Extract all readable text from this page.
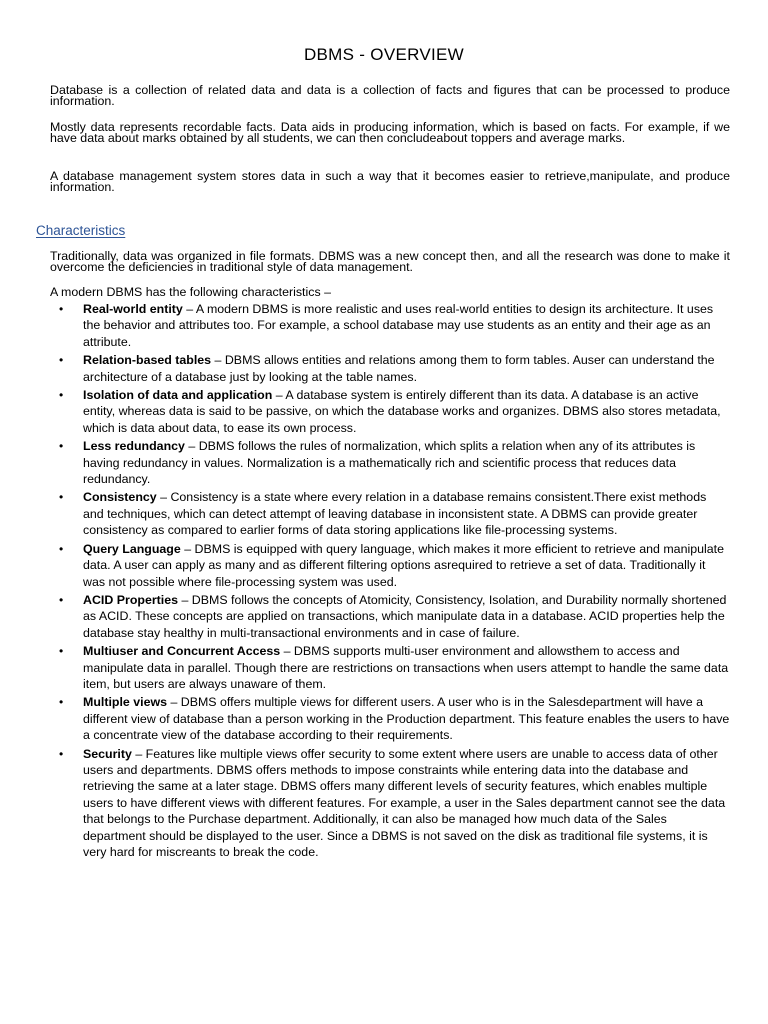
DBMS - OVERVIEW
Database is a collection of related data and data is a collection of facts and figures that can be processed to produce information.
Mostly data represents recordable facts. Data aids in producing information, which is based on facts. For example, if we have data about marks obtained by all students, we can then concludeabout toppers and average marks.
A database management system stores data in such a way that it becomes easier to retrieve,manipulate, and produce information.
Characteristics
Traditionally, data was organized in file formats. DBMS was a new concept then, and all the research was done to make it overcome the deficiencies in traditional style of data management.
A modern DBMS has the following characteristics –
• Real-world entity – A modern DBMS is more realistic and uses real-world entities to design its architecture. It uses the behavior and attributes too. For example, a school database may use students as an entity and their age as an attribute.
• Relation-based tables – DBMS allows entities and relations among them to form tables. Auser can understand the architecture of a database just by looking at the table names.
• Isolation of data and application – A database system is entirely different than its data. A database is an active entity, whereas data is said to be passive, on which the database works and organizes. DBMS also stores metadata, which is data about data, to ease its own process.
• Less redundancy – DBMS follows the rules of normalization, which splits a relation when any of its attributes is having redundancy in values. Normalization is a mathematically rich and scientific process that reduces data redundancy.
• Consistency – Consistency is a state where every relation in a database remains consistent.There exist methods and techniques, which can detect attempt of leaving database in inconsistent state. A DBMS can provide greater consistency as compared to earlier forms of data storing applications like file-processing systems.
• Query Language – DBMS is equipped with query language, which makes it more efficient to retrieve and manipulate data. A user can apply as many and as different filtering options asrequired to retrieve a set of data. Traditionally it was not possible where file-processing system was used.
• ACID Properties – DBMS follows the concepts of Atomicity, Consistency, Isolation, and Durability normally shortened as ACID. These concepts are applied on transactions, which manipulate data in a database. ACID properties help the database stay healthy in multi-transactional environments and in case of failure.
• Multiuser and Concurrent Access – DBMS supports multi-user environment and allowsthem to access and manipulate data in parallel. Though there are restrictions on transactions when users attempt to handle the same data item, but users are always unaware of them.
• Multiple views – DBMS offers multiple views for different users. A user who is in the Salesdepartment will have a different view of database than a person working in the Production department. This feature enables the users to have a concentrate view of the database according to their requirements.
• Security – Features like multiple views offer security to some extent where users are unable to access data of other users and departments. DBMS offers methods to impose constraints while entering data into the database and retrieving the same at a later stage. DBMS offers many different levels of security features, which enables multiple users to have different views with different features. For example, a user in the Sales department cannot see the data that belongs to the Purchase department. Additionally, it can also be managed how much data of the Sales department should be displayed to the user. Since a DBMS is not saved on the disk as traditional file systems, it is very hard for miscreants to break the code.
